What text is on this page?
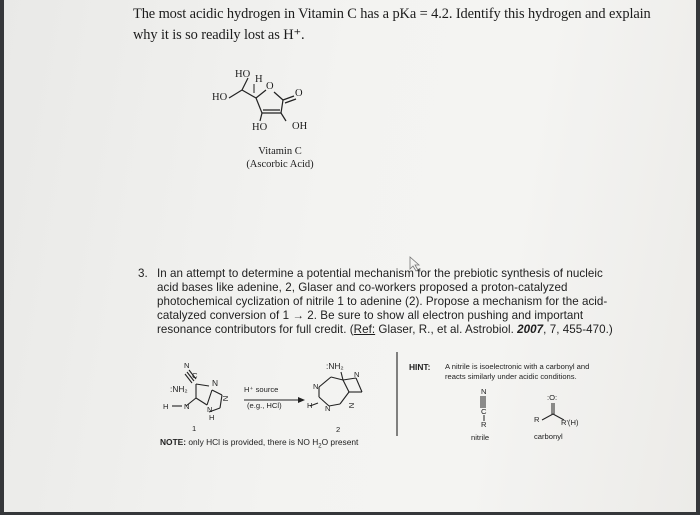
The most acidic hydrogen in Vitamin C has a pKa = 4.2. Identify this hydrogen and explain
why it is so readily lost as H⁺.
HO H
HO
O
O
HO OH
Vitamin C
(Ascorbic Acid)
3. In an attempt to determine a potential mechanism for the prebiotic synthesis of nucleic
acid bases like adenine, 2, Glaser and co-workers proposed a proton-catalyzed
photochemical cyclization of nitrile 1 to adenine (2). Propose a mechanism for the acid-
catalyzed conversion of 1 → 2. Be sure to show all electron pushing and important
resonance contributors for full credit. (Ref: Glaser, R., et al. Astrobiol. 2007, 7, 455-470.)
N
C
:NH₂
N
H N N
H
N
H⁺ source
(e.g., HCl)
:NH₂
N
N
H N N
1	2
NOTE: only HCl is provided, there is NO $H_2O$ present
HINT: A nitrile is isoelectronic with a carbonyl and
reacts similarly under acidic conditions.
N
C
R
nitrile
:O:
R	R'(H)
carbonyl
